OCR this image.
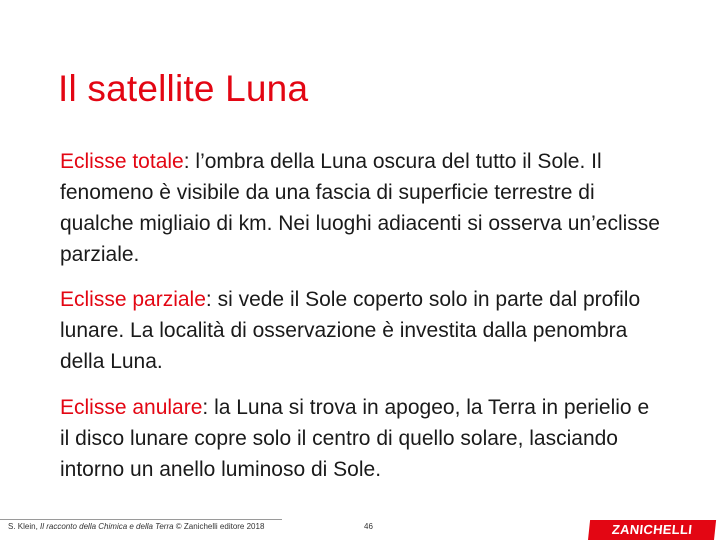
Il satellite Luna

Eclisse totale: l’ombra della Luna oscura del tutto il Sole. Il fenomeno è visibile da una fascia di superficie terrestre di qualche migliaio di km. Nei luoghi adiacenti si osserva un’eclisse parziale.

Eclisse parziale: si vede il Sole coperto solo in parte dal profilo lunare. La località di osservazione è investita dalla penombra della Luna.

Eclisse anulare: la Luna si trova in apogeo, la Terra in perielio e il disco lunare copre solo il centro di quello solare, lasciando intorno un anello luminoso di Sole.

S. Klein, Il racconto della Chimica e della Terra © Zanichelli editore 2018	46	ZANICHELLI
